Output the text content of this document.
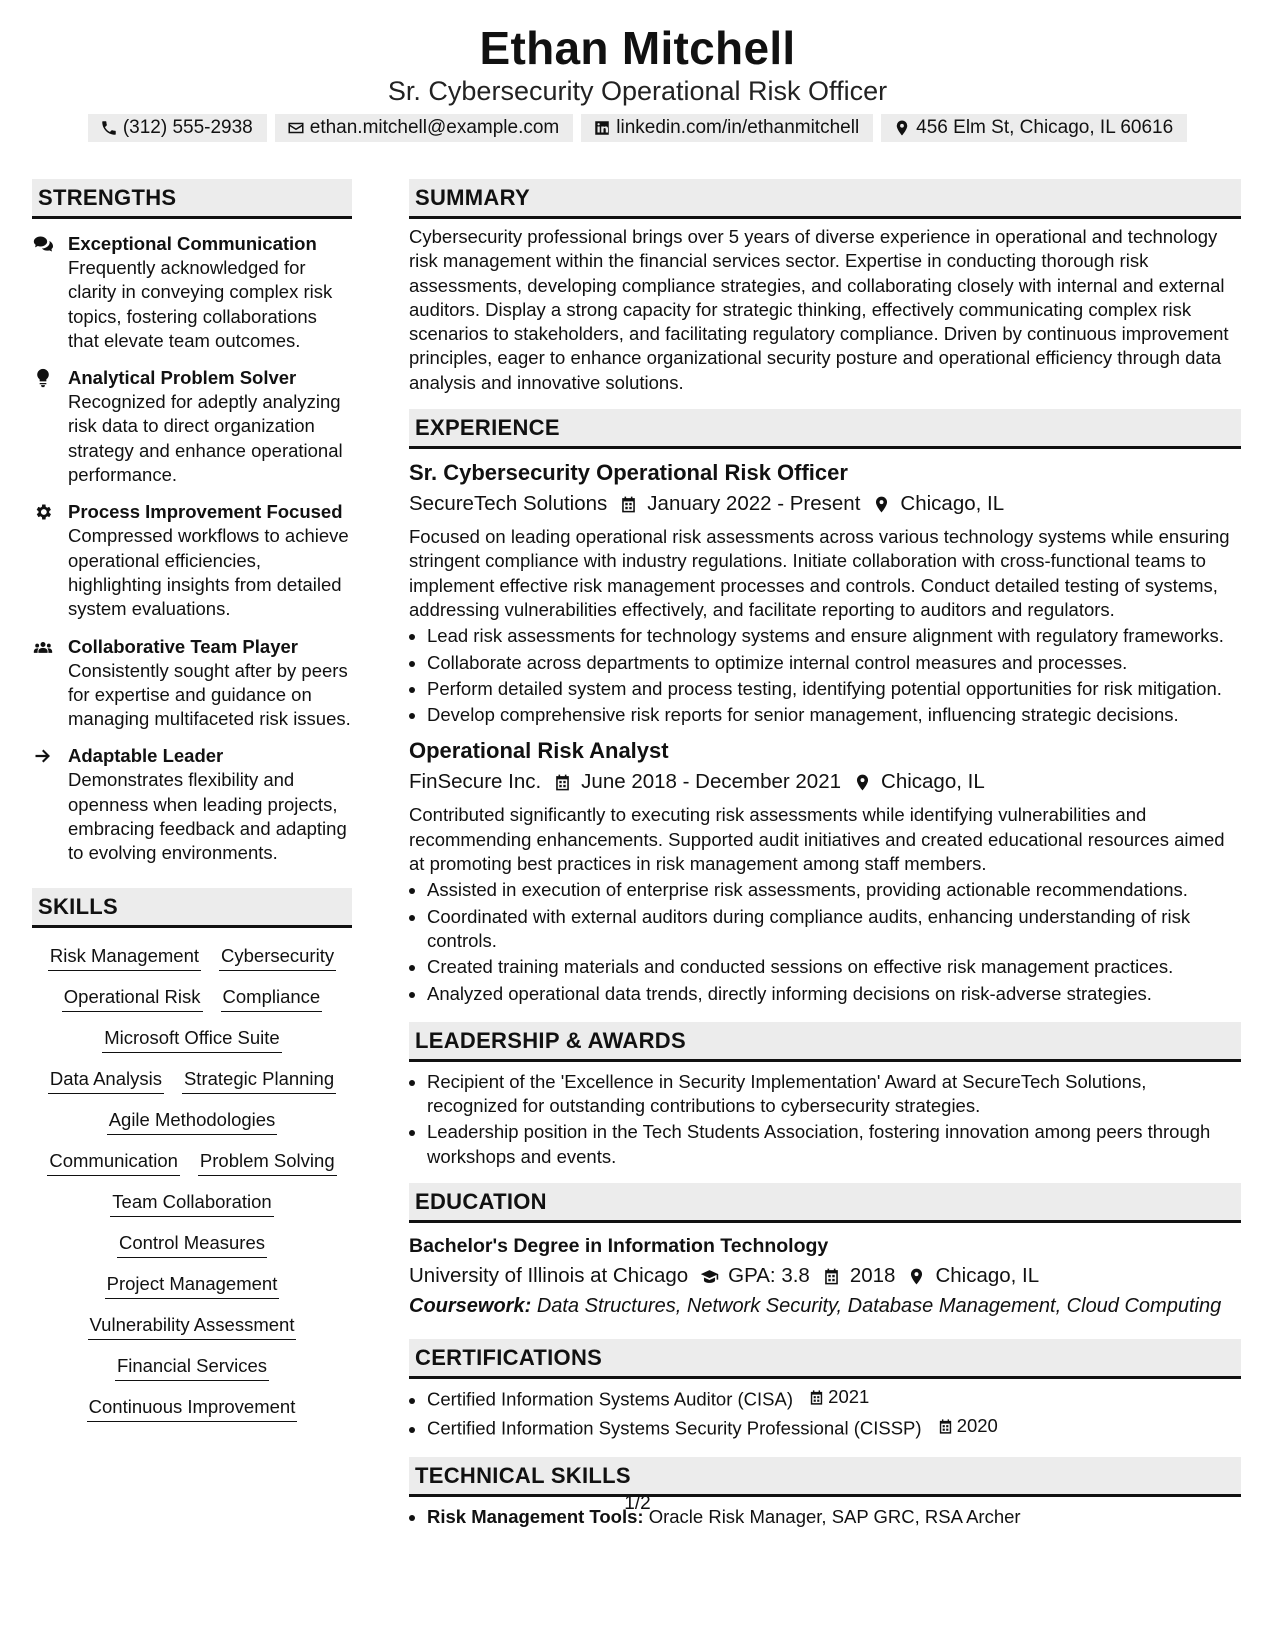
Ethan Mitchell
Sr. Cybersecurity Operational Risk Officer
(312) 555-2938	ethan.mitchell@example.com	linkedin.com/in/ethanmitchell	456 Elm St, Chicago, IL 60616
STRENGTHS
Exceptional Communication
Frequently acknowledged for clarity in conveying complex risk topics, fostering collaborations that elevate team outcomes.
Analytical Problem Solver
Recognized for adeptly analyzing risk data to direct organization strategy and enhance operational performance.
Process Improvement Focused
Compressed workflows to achieve operational efficiencies, highlighting insights from detailed system evaluations.
Collaborative Team Player
Consistently sought after by peers for expertise and guidance on managing multifaceted risk issues.
Adaptable Leader
Demonstrates flexibility and openness when leading projects, embracing feedback and adapting to evolving environments.
SKILLS
Risk Management Cybersecurity
Operational Risk Compliance
Microsoft Office Suite
Data Analysis Strategic Planning
Agile Methodologies
Communication Problem Solving
Team Collaboration
Control Measures
Project Management
Vulnerability Assessment
Financial Services
Continuous Improvement
SUMMARY
Cybersecurity professional brings over 5 years of diverse experience in operational and technology risk management within the financial services sector. Expertise in conducting thorough risk assessments, developing compliance strategies, and collaborating closely with internal and external auditors. Display a strong capacity for strategic thinking, effectively communicating complex risk scenarios to stakeholders, and facilitating regulatory compliance. Driven by continuous improvement principles, eager to enhance organizational security posture and operational efficiency through data analysis and innovative solutions.
EXPERIENCE
Sr. Cybersecurity Operational Risk Officer
SecureTech Solutions January 2022 - Present Chicago, IL
Focused on leading operational risk assessments across various technology systems while ensuring stringent compliance with industry regulations. Initiate collaboration with cross-functional teams to implement effective risk management processes and controls. Conduct detailed testing of systems, addressing vulnerabilities effectively, and facilitate reporting to auditors and regulators.
• Lead risk assessments for technology systems and ensure alignment with regulatory frameworks.
• Collaborate across departments to optimize internal control measures and processes.
• Perform detailed system and process testing, identifying potential opportunities for risk mitigation.
• Develop comprehensive risk reports for senior management, influencing strategic decisions.
Operational Risk Analyst
FinSecure Inc. June 2018 - December 2021 Chicago, IL
Contributed significantly to executing risk assessments while identifying vulnerabilities and recommending enhancements. Supported audit initiatives and created educational resources aimed at promoting best practices in risk management among staff members.
• Assisted in execution of enterprise risk assessments, providing actionable recommendations.
• Coordinated with external auditors during compliance audits, enhancing understanding of risk controls.
• Created training materials and conducted sessions on effective risk management practices.
• Analyzed operational data trends, directly informing decisions on risk-adverse strategies.
LEADERSHIP & AWARDS
• Recipient of the 'Excellence in Security Implementation' Award at SecureTech Solutions, recognized for outstanding contributions to cybersecurity strategies.
• Leadership position in the Tech Students Association, fostering innovation among peers through workshops and events.
EDUCATION
Bachelor's Degree in Information Technology
University of Illinois at Chicago GPA: 3.8 2018 Chicago, IL
Coursework: Data Structures, Network Security, Database Management, Cloud Computing
CERTIFICATIONS
• Certified Information Systems Auditor (CISA) 2021
• Certified Information Systems Security Professional (CISSP) 2020
TECHNICAL SKILLS
• Risk Management Tools: Oracle Risk Manager, SAP GRC, RSA Archer
1/2
